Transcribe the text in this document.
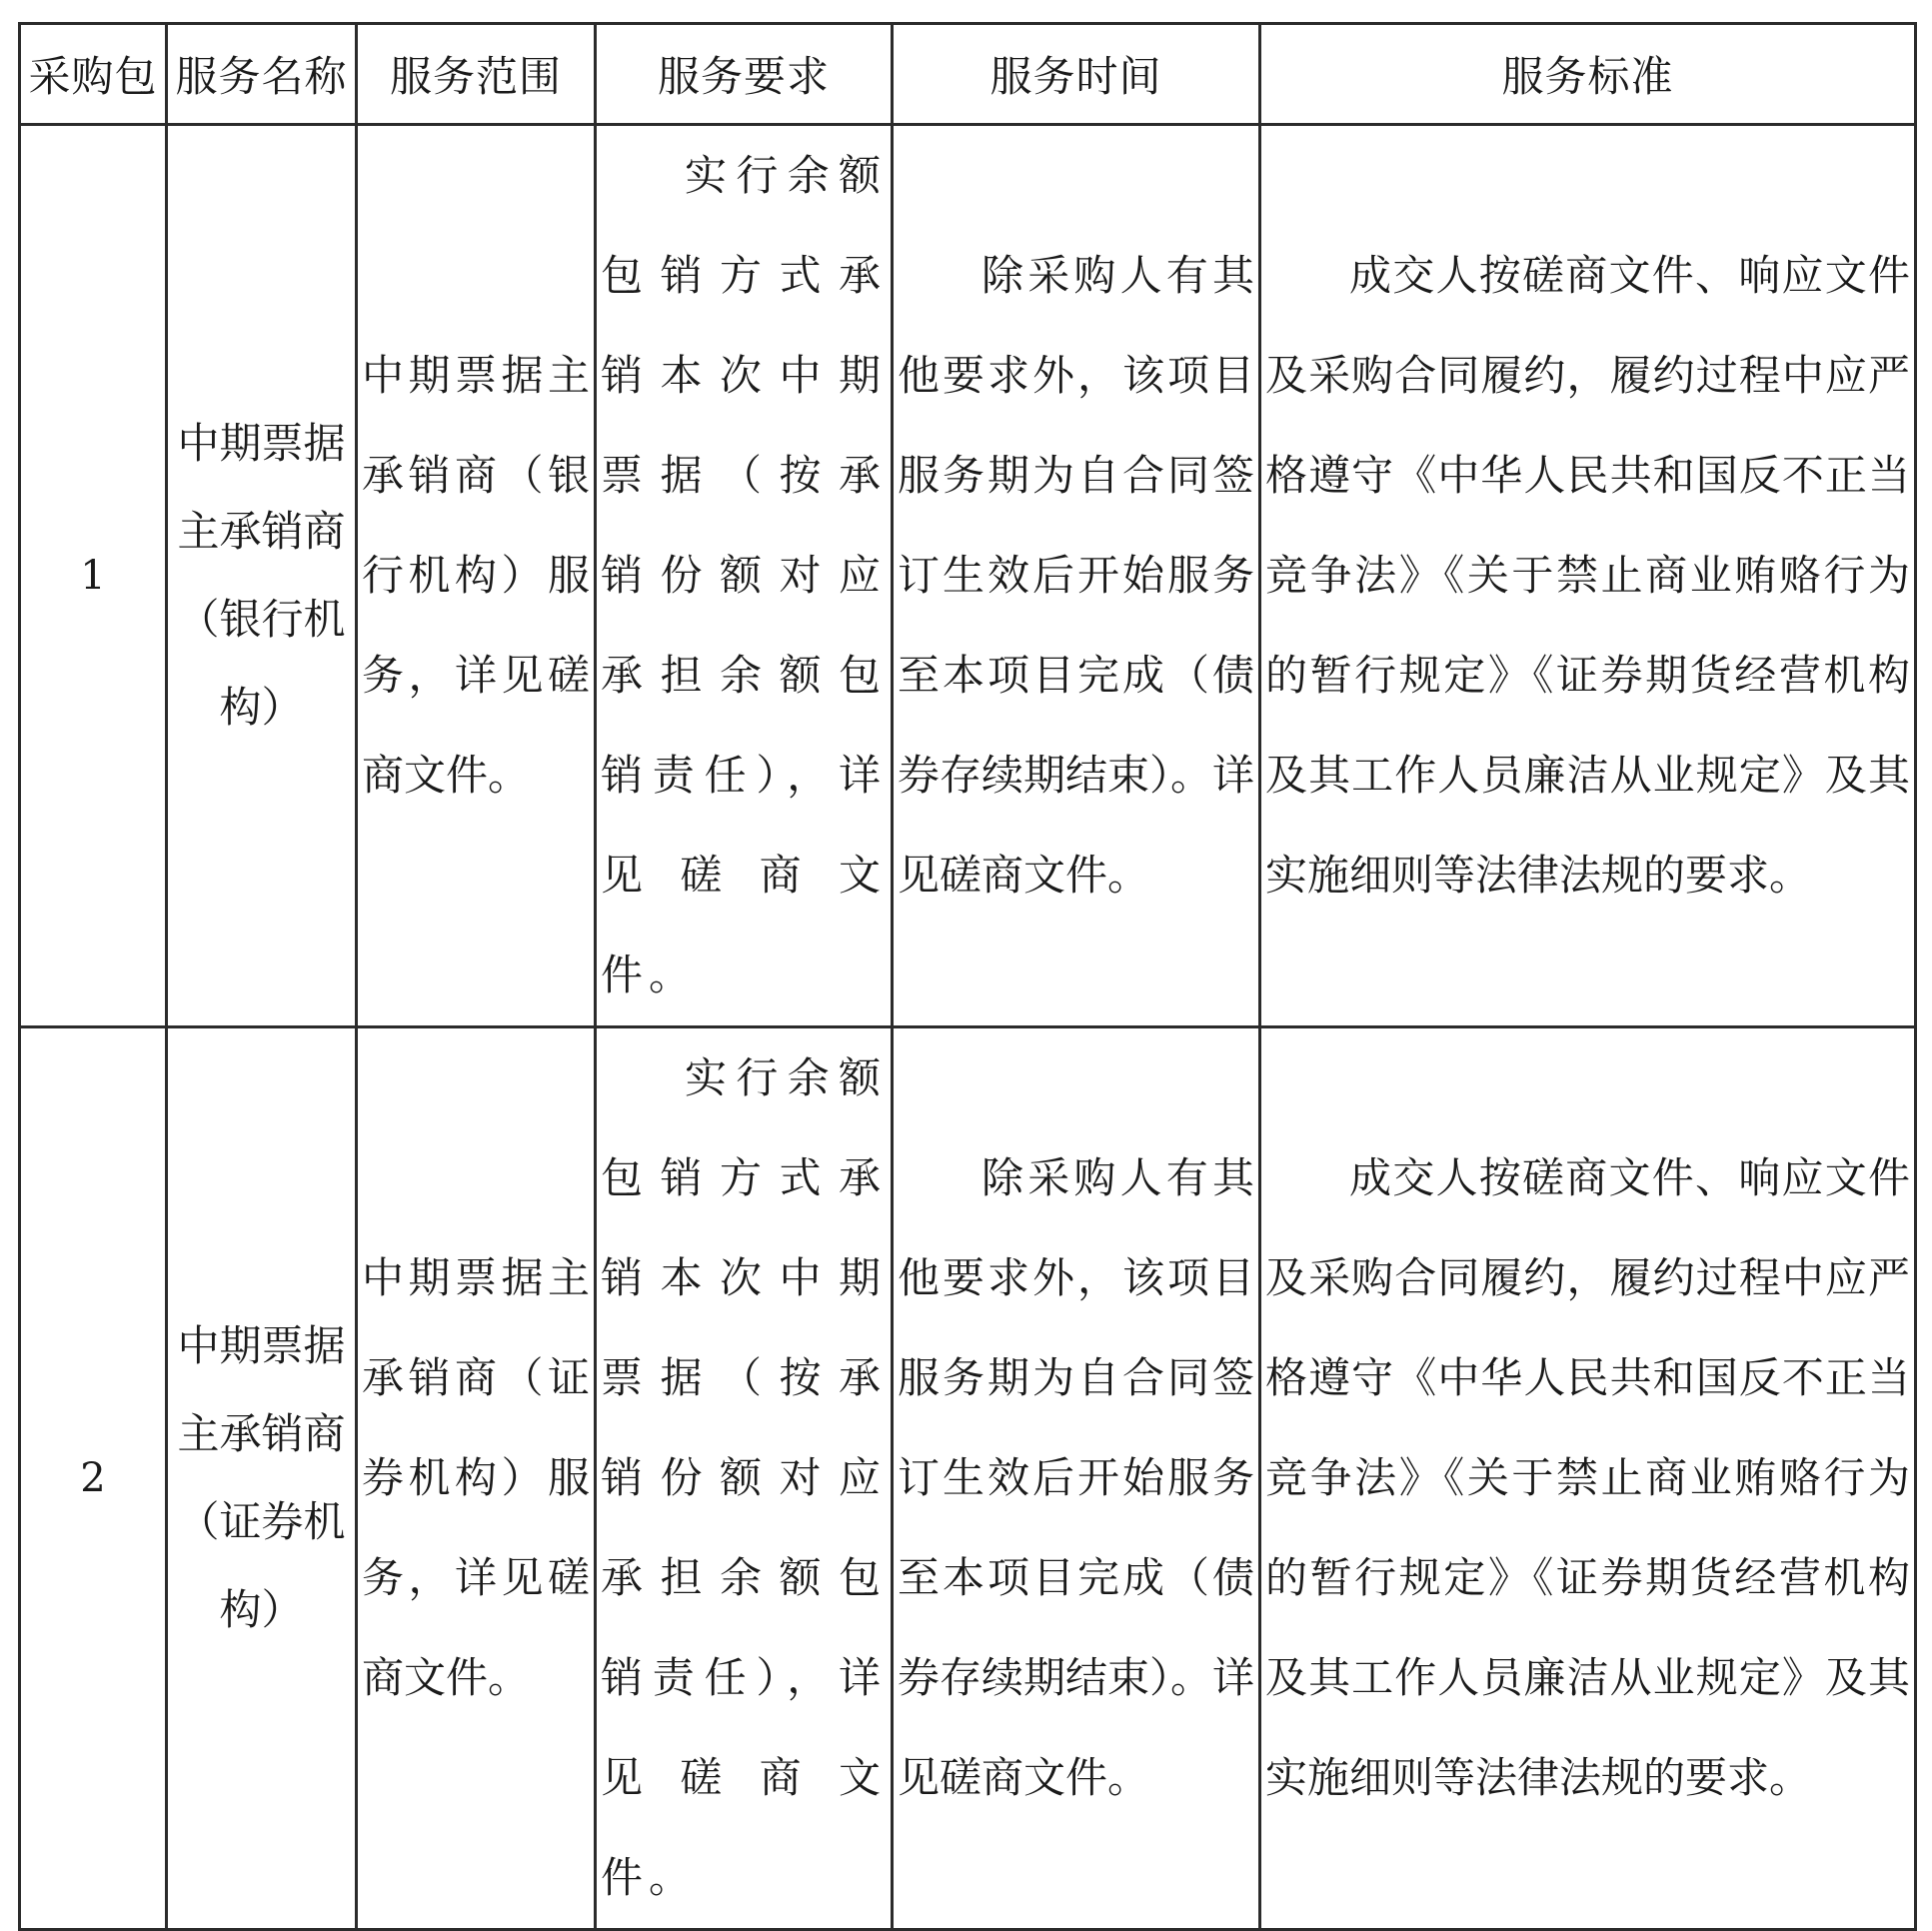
采购包	服务名称	服务范围	服务要求	服务时间	服务标准
1	中期票据主承销商（银行机构）	中期票据主承销商（银行机构）服务，详见磋商文件。	实行余额包销方式承销本次中期票据（按承销份额对应承担余额包销责任），详见磋商文件。	除采购人有其他要求外，该项目服务期为自合同签订生效后开始服务至本项目完成（债券存续期结束）。详见磋商文件。	成交人按磋商文件、响应文件及采购合同履约，履约过程中应严格遵守《中华人民共和国反不正当竞争法》《关于禁止商业贿赂行为的暂行规定》《证券期货经营机构及其工作人员廉洁从业规定》及其实施细则等法律法规的要求。
2	中期票据主承销商（证券机构）	中期票据主承销商（证券机构）服务，详见磋商文件。	实行余额包销方式承销本次中期票据（按承销份额对应承担余额包销责任），详见磋商文件。	除采购人有其他要求外，该项目服务期为自合同签订生效后开始服务至本项目完成（债券存续期结束）。详见磋商文件。	成交人按磋商文件、响应文件及采购合同履约，履约过程中应严格遵守《中华人民共和国反不正当竞争法》《关于禁止商业贿赂行为的暂行规定》《证券期货经营机构及其工作人员廉洁从业规定》及其实施细则等法律法规的要求。
